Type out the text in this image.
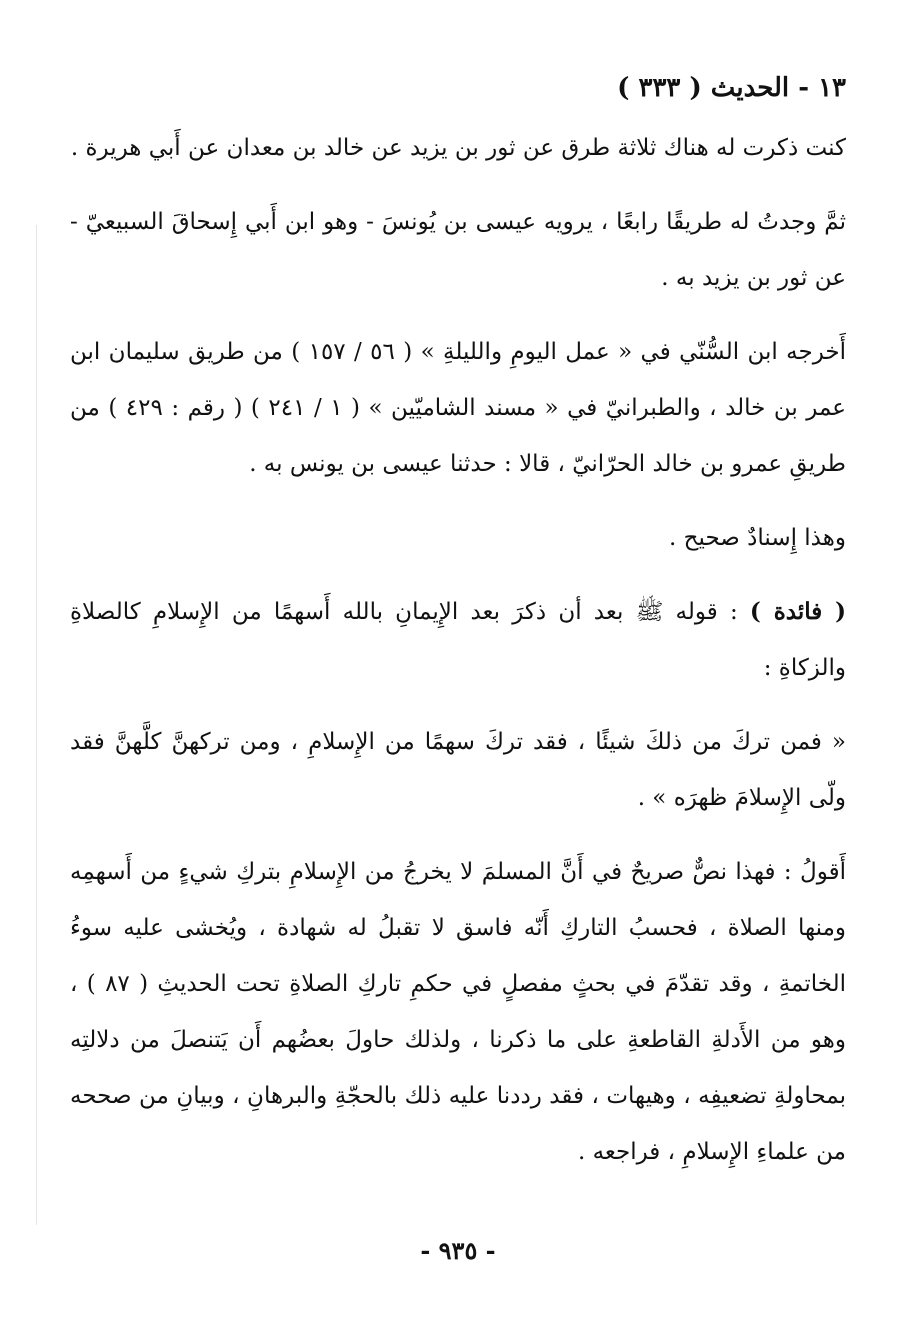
١٣ - الحديث ( ٣٣٣ )

كنت ذكرت له هناك ثلاثة طرق عن ثور بن يزيد عن خالد بن معدان عن أَبي هريرة .

ثمَّ وجدتُ له طريقًا رابعًا ، يرويه عيسى بن يُونسَ - وهو ابن أَبي إِسحاقَ السبيعيّ - عن ثور بن يزيد به .

أَخرجه ابن السُّنّي في « عمل اليومِ والليلةِ » ( ٥٦ / ١٥٧ ) من طريق سليمان ابن عمر بن خالد ، والطبرانيّ في « مسند الشاميّين » ( ١ / ٢٤١ ) ( رقم : ٤٢٩ ) من طريقِ عمرو بن خالد الحرّانيّ ، قالا : حدثنا عيسى بن يونس به .

وهذا إِسنادٌ صحيح .

( فائدة ) : قوله ﷺ بعد أن ذكرَ بعد الإِيمانِ بالله أَسهمًا من الإِسلامِ كالصلاةِ والزكاةِ :

« فمن تركَ من ذلكَ شيئًا ، فقد تركَ سهمًا من الإِسلامِ ، ومن تركهنَّ كلَّهنَّ فقد ولّى الإِسلامَ ظهرَه » .

أَقولُ : فهذا نصٌّ صريحٌ في أَنَّ المسلمَ لا يخرجُ من الإِسلامِ بتركِ شيءٍ من أَسهمِه ومنها الصلاة ، فحسبُ التاركِ أَنّه فاسق لا تقبلُ له شهادة ، ويُخشى عليه سوءُ الخاتمةِ ، وقد تقدّمَ في بحثٍ مفصلٍ في حكمِ تاركِ الصلاةِ تحت الحديثِ ( ٨٧ ) ، وهو من الأَدلةِ القاطعةِ على ما ذكرنا ، ولذلك حاولَ بعضُهم أَن يَتنصلَ من دلالتِه بمحاولةِ تضعيفِه ، وهيهات ، فقد رددنا عليه ذلك بالحجّةِ والبرهانِ ، وبيانِ من صححه من علماءِ الإِسلامِ ، فراجعه .

- ٩٣٥ -
